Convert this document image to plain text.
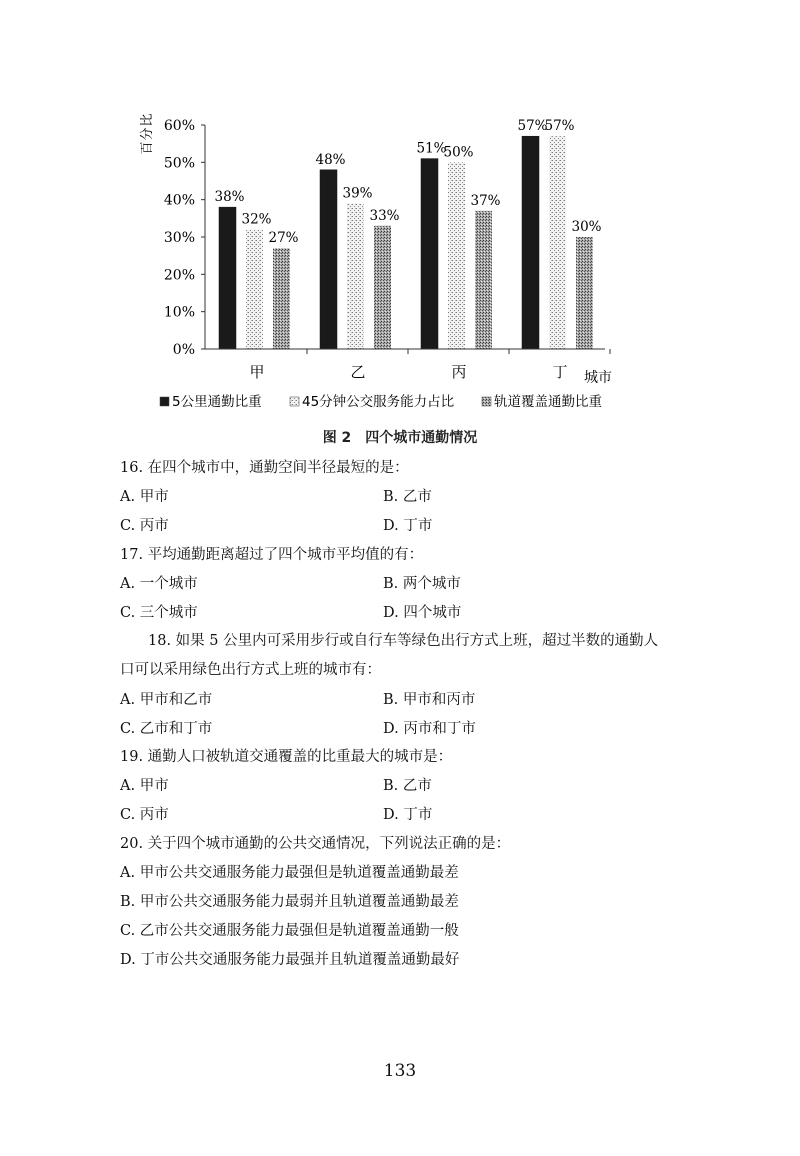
百
分
比
0%
10%
20%
30%
40%
50%
60%
38%
32%
27%
48%
39%
33%
51%
50%
37%
57%
57%
30%
甲	乙	丙	丁 城市
5公里通勤比重	45分钟公交服务能力占比	轨道覆盖通勤比重
图 2　四个城市通勤情况
16. 在四个城市中，通勤空间半径最短的是：
A. 甲市	B. 乙市
C. 丙市	D. 丁市
17. 平均通勤距离超过了四个城市平均值的有：
A. 一个城市	B. 两个城市
C. 三个城市	D. 四个城市
18. 如果 5 公里内可采用步行或自行车等绿色出行方式上班，超过半数的通勤人口可以采用绿色出行方式上班的城市有：
A. 甲市和乙市	B. 甲市和丙市
C. 乙市和丁市	D. 丙市和丁市
19. 通勤人口被轨道交通覆盖的比重最大的城市是：
A. 甲市	B. 乙市
C. 丙市	D. 丁市
20. 关于四个城市通勤的公共交通情况，下列说法正确的是：
A. 甲市公共交通服务能力最强但是轨道覆盖通勤最差
B. 甲市公共交通服务能力最弱并且轨道覆盖通勤最差
C. 乙市公共交通服务能力最强但是轨道覆盖通勤一般
D. 丁市公共交通服务能力最强并且轨道覆盖通勤最好
133
